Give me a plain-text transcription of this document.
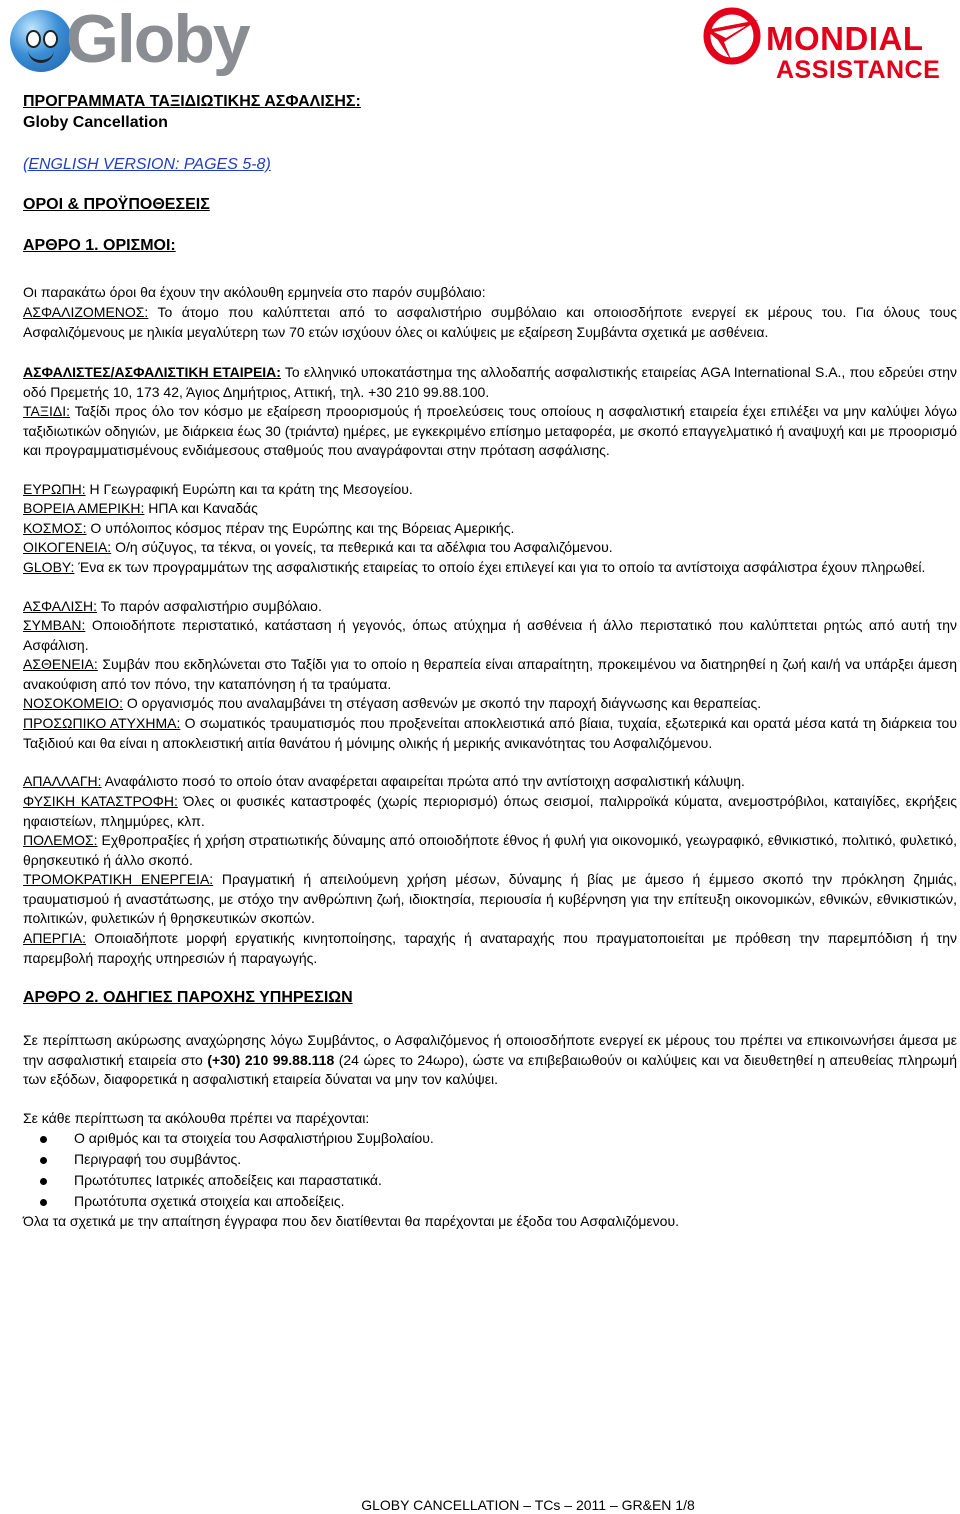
Globy	MONDIAL
ASSISTANCE
ΠΡΟΓΡΑΜΜΑΤΑ ΤΑΞΙΔΙΩΤΙΚΗΣ ΑΣΦΑΛΙΣΗΣ:
Globy Cancellation
(ENGLISH VERSION: PAGES 5-8)
ΟΡΟΙ & ΠΡΟΫΠΟΘΕΣΕΙΣ
ΑΡΘΡΟ 1. ΟΡΙΣΜΟΙ:
Οι παρακάτω όροι θα έχουν την ακόλουθη ερμηνεία στο παρόν συμβόλαιο:
ΑΣΦΑΛΙΖΟΜΕΝΟΣ: Το άτομο που καλύπτεται από το ασφαλιστήριο συμβόλαιο και οποιοσδήποτε ενεργεί εκ μέρους του. Για όλους τους Ασφαλιζόμενους με ηλικία μεγαλύτερη των 70 ετών ισχύουν όλες οι καλύψεις με εξαίρεση Συμβάντα σχετικά με ασθένεια.
ΑΣΦΑΛΙΣΤΕΣ/ΑΣΦΑΛΙΣΤΙΚΗ ΕΤΑΙΡΕΙΑ: Το ελληνικό υποκατάστημα της αλλοδαπής ασφαλιστικής εταιρείας AGA International S.A., που εδρεύει στην οδό Πρεμετής 10, 173 42, Άγιος Δημήτριος, Αττική, τηλ. +30 210 99.88.100.
ΤΑΞΙΔΙ: Ταξίδι προς όλο τον κόσμο με εξαίρεση προορισμούς ή προελεύσεις τους οποίους η ασφαλιστική εταιρεία έχει επιλέξει να μην καλύψει λόγω ταξιδιωτικών οδηγιών, με διάρκεια έως 30 (τριάντα) ημέρες, με εγκεκριμένο επίσημο μεταφορέα, με σκοπό επαγγελματικό ή αναψυχή και με προορισμό και προγραμματισμένους ενδιάμεσους σταθμούς που αναγράφονται στην πρόταση ασφάλισης.
ΕΥΡΩΠΗ: Η Γεωγραφική Ευρώπη και τα κράτη της Μεσογείου.
ΒΟΡΕΙΑ ΑΜΕΡΙΚΗ: ΗΠΑ και Καναδάς
ΚΟΣΜΟΣ: Ο υπόλοιπος κόσμος πέραν της Ευρώπης και της Βόρειας Αμερικής.
ΟΙΚΟΓΕΝΕΙΑ: Ο/η σύζυγος, τα τέκνα, οι γονείς, τα πεθερικά και τα αδέλφια του Ασφαλιζόμενου.
GLOBY: Ένα εκ των προγραμμάτων της ασφαλιστικής εταιρείας το οποίο έχει επιλεγεί και για το οποίο τα αντίστοιχα ασφάλιστρα έχουν πληρωθεί.
ΑΣΦΑΛΙΣΗ: Το παρόν ασφαλιστήριο συμβόλαιο.
ΣΥΜΒΑΝ: Οποιοδήποτε περιστατικό, κατάσταση ή γεγονός, όπως ατύχημα ή ασθένεια ή άλλο περιστατικό που καλύπτεται ρητώς από αυτή την Ασφάλιση.
ΑΣΘΕΝΕΙΑ: Συμβάν που εκδηλώνεται στο Ταξίδι για το οποίο η θεραπεία είναι απαραίτητη, προκειμένου να διατηρηθεί η ζωή και/ή να υπάρξει άμεση ανακούφιση από τον πόνο, την καταπόνηση ή τα τραύματα.
ΝΟΣΟΚΟΜΕΙΟ: Ο οργανισμός που αναλαμβάνει τη στέγαση ασθενών με σκοπό την παροχή διάγνωσης και θεραπείας.
ΠΡΟΣΩΠΙΚΟ ΑΤΥΧΗΜΑ: Ο σωματικός τραυματισμός που προξενείται αποκλειστικά από βίαια, τυχαία, εξωτερικά και ορατά μέσα κατά τη διάρκεια του Ταξιδιού και θα είναι η αποκλειστική αιτία θανάτου ή μόνιμης ολικής ή μερικής ανικανότητας του Ασφαλιζόμενου.
ΑΠΑΛΛΑΓΗ: Αναφάλιστο ποσό το οποίο όταν αναφέρεται αφαιρείται πρώτα από την αντίστοιχη ασφαλιστική κάλυψη.
ΦΥΣΙΚΗ ΚΑΤΑΣΤΡΟΦΗ: Όλες οι φυσικές καταστροφές (χωρίς περιορισμό) όπως σεισμοί, παλιρροϊκά κύματα, ανεμοστρόβιλοι, καταιγίδες, εκρήξεις ηφαιστείων, πλημμύρες, κλπ.
ΠΟΛΕΜΟΣ: Εχθροπραξίες ή χρήση στρατιωτικής δύναμης από οποιοδήποτε έθνος ή φυλή για οικονομικό, γεωγραφικό, εθνικιστικό, πολιτικό, φυλετικό, θρησκευτικό ή άλλο σκοπό.
ΤΡΟΜΟΚΡΑΤΙΚΗ ΕΝΕΡΓΕΙΑ: Πραγματική ή απειλούμενη χρήση μέσων, δύναμης ή βίας με άμεσο ή έμμεσο σκοπό την πρόκληση ζημιάς, τραυματισμού ή αναστάτωσης, με στόχο την ανθρώπινη ζωή, ιδιοκτησία, περιουσία ή κυβέρνηση για την επίτευξη οικονομικών, εθνικών, εθνικιστικών, πολιτικών, φυλετικών ή θρησκευτικών σκοπών.
ΑΠΕΡΓΙΑ: Οποιαδήποτε μορφή εργατικής κινητοποίησης, ταραχής ή αναταραχής που πραγματοποιείται με πρόθεση την παρεμπόδιση ή την παρεμβολή παροχής υπηρεσιών ή παραγωγής.
ΑΡΘΡΟ 2. ΟΔΗΓΙΕΣ ΠΑΡΟΧΗΣ ΥΠΗΡΕΣΙΩΝ
Σε περίπτωση ακύρωσης αναχώρησης λόγω Συμβάντος, ο Ασφαλιζόμενος ή οποιοσδήποτε ενεργεί εκ μέρους του πρέπει να επικοινωνήσει άμεσα με την ασφαλιστική εταιρεία στο (+30) 210 99.88.118 (24 ώρες το 24ωρο), ώστε να επιβεβαιωθούν οι καλύψεις και να διευθετηθεί η απευθείας πληρωμή των εξόδων, διαφορετικά η ασφαλιστική εταιρεία δύναται να μην τον καλύψει.
Σε κάθε περίπτωση τα ακόλουθα πρέπει να παρέχονται:
Ο αριθμός και τα στοιχεία του Ασφαλιστήριου Συμβολαίου.
Περιγραφή του συμβάντος.
Πρωτότυπες Ιατρικές αποδείξεις και παραστατικά.
Πρωτότυπα σχετικά στοιχεία και αποδείξεις.
Όλα τα σχετικά με την απαίτηση έγγραφα που δεν διατίθενται θα παρέχονται με έξοδα του Ασφαλιζόμενου.
GLOBY CANCELLATION – TCs – 2011 – GR&EN 1/8
